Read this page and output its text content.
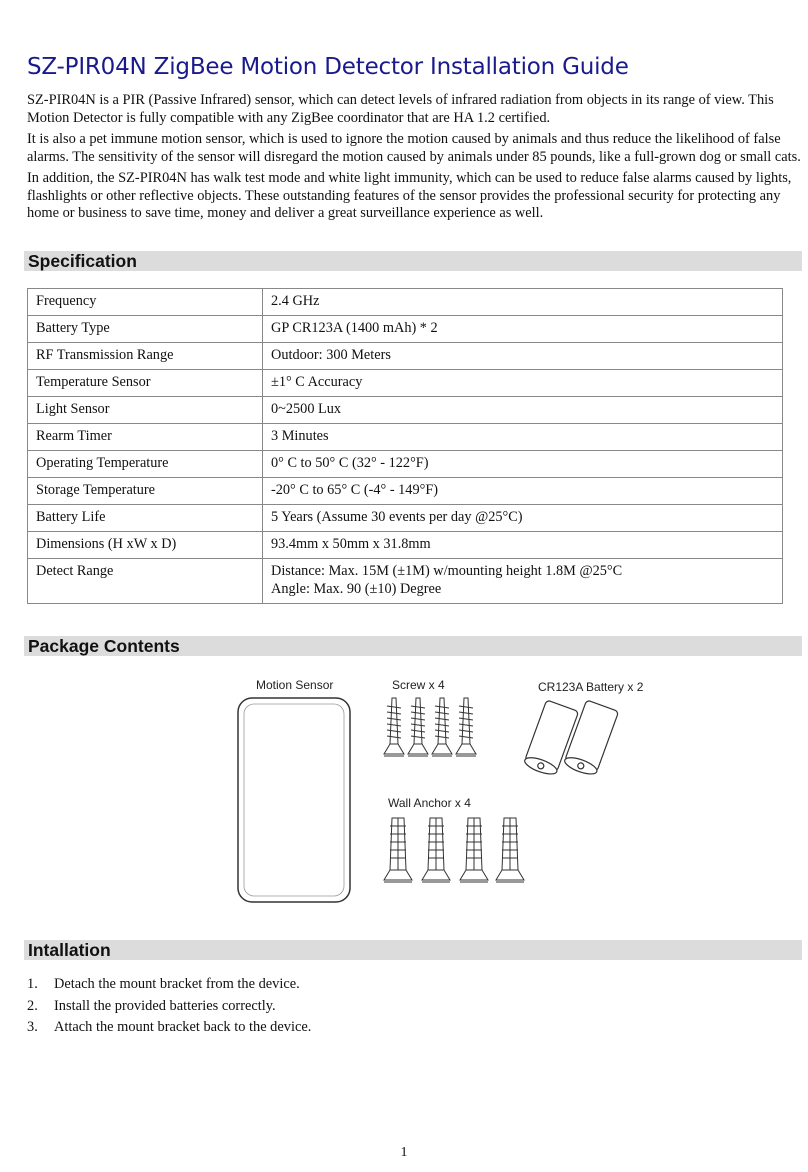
SZ-PIR04N ZigBee Motion Detector Installation Guide

SZ-PIR04N is a PIR (Passive Infrared) sensor, which can detect levels of infrared radiation from objects in its range of view. This Motion Detector is fully compatible with any ZigBee coordinator that are HA 1.2 certified.

It is also a pet immune motion sensor, which is used to ignore the motion caused by animals and thus reduce the likelihood of false alarms. The sensitivity of the sensor will disregard the motion caused by animals under 85 pounds, like a full-grown dog or small cats.

In addition, the SZ-PIR04N has walk test mode and white light immunity, which can be used to reduce false alarms caused by lights, flashlights or other reflective objects. These outstanding features of the sensor provides the professional security for protecting any home or business to save time, money and deliver a great surveillance experience as well.

Specification
Frequency	2.4 GHz
Battery Type	GP CR123A (1400 mAh) * 2
RF Transmission Range	Outdoor: 300 Meters
Temperature Sensor	±1° C Accuracy
Light Sensor	0~2500 Lux
Rearm Timer	3 Minutes
Operating Temperature	0° C to 50° C (32° - 122°F)
Storage Temperature	-20° C to 65° C (-4° - 149°F)
Battery Life	5 Years (Assume 30 events per day @25°C)
Dimensions (H xW x D)	93.4mm x 50mm x 31.8mm
Detect Range	Distance: Max. 15M (±1M) w/mounting height 1.8M @25°C
Angle: Max. 90 (±10) Degree
Package Contents
Motion Sensor	Screw x 4	CR123A Battery x 2
Wall Anchor x 4
Intallation
1.	Detach the mount bracket from the device.
2.	Install the provided batteries correctly.
3.	Attach the mount bracket back to the device.
1
